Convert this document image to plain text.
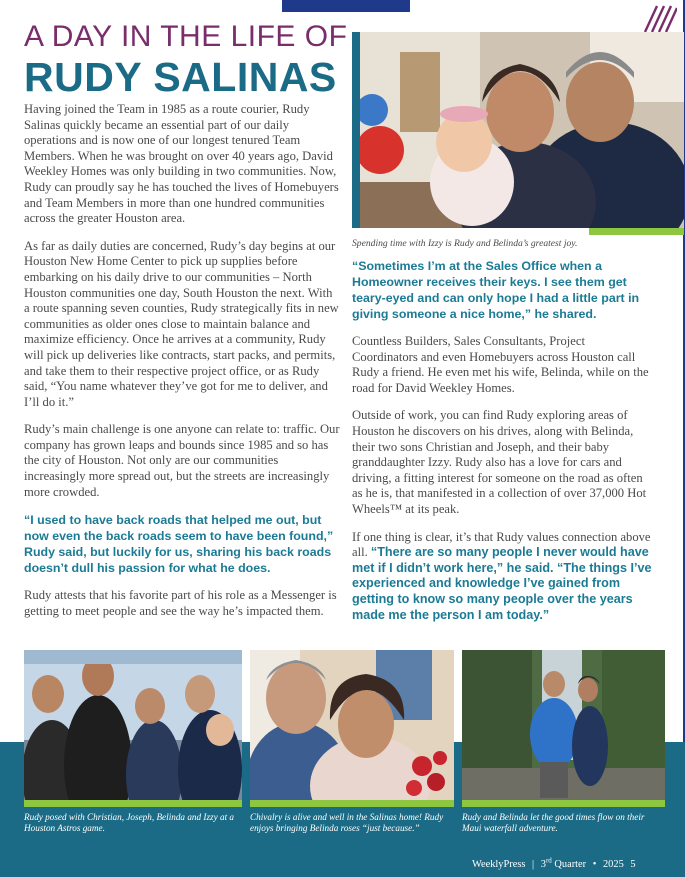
A DAY IN THE LIFE OF
RUDY SALINAS

Having joined the Team in 1985 as a route courier, Rudy Salinas quickly became an essential part of our daily operations and is now one of our longest tenured Team Members. When he was brought on over 40 years ago, David Weekley Homes was only building in two communities. Now, Rudy can proudly say he has touched the lives of Homebuyers and Team Members in more than one hundred communities across the greater Houston area.

As far as daily duties are concerned, Rudy’s day begins at our Houston New Home Center to pick up supplies before embarking on his daily drive to our communities – North Houston communities one day, South Houston the next. With a route spanning seven counties, Rudy strategically fits in new communities as older ones close to maintain balance and maximize efficiency. Once he arrives at a community, Rudy will pick up deliveries like contracts, start packs, and permits, and take them to their respective project office, or as Rudy said, “You name whatever they’ve got for me to deliver, and I’ll do it.”

Rudy’s main challenge is one anyone can relate to: traffic. Our company has grown leaps and bounds since 1985 and so has the city of Houston. Not only are our communities increasingly more spread out, but the streets are increasingly more crowded.

“I used to have back roads that helped me out, but now even the back roads seem to have been found,” Rudy said, but luckily for us, sharing his back roads doesn’t dull his passion for what he does.

Rudy attests that his favorite part of his role as a Messenger is getting to meet people and see the way he’s impacted them.

Spending time with Izzy is Rudy and Belinda’s greatest joy.

“Sometimes I’m at the Sales Office when a Homeowner receives their keys. I see them get teary-eyed and can only hope I had a little part in giving someone a nice home,” he shared.

Countless Builders, Sales Consultants, Project Coordinators and even Homebuyers across Houston call Rudy a friend. He even met his wife, Belinda, while on the road for David Weekley Homes.

Outside of work, you can find Rudy exploring areas of Houston he discovers on his drives, along with Belinda, their two sons Christian and Joseph, and their baby granddaughter Izzy. Rudy also has a love for cars and driving, a fitting interest for someone on the road as often as he is, that manifested in a collection of over 37,000 Hot Wheels™ at its peak.

If one thing is clear, it’s that Rudy values connection above all. “There are so many people I never would have met if I didn’t work here,” he said. “The things I’ve experienced and knowledge I’ve gained from getting to know so many people over the years made me the person I am today.”

Rudy posed with Christian, Joseph, Belinda and Izzy at a Houston Astros game.
Chivalry is alive and well in the Salinas home! Rudy enjoys bringing Belinda roses “just because.”
Rudy and Belinda let the good times flow on their Maui waterfall adventure.
WeeklyPress | 3rd Quarter • 2025 5
